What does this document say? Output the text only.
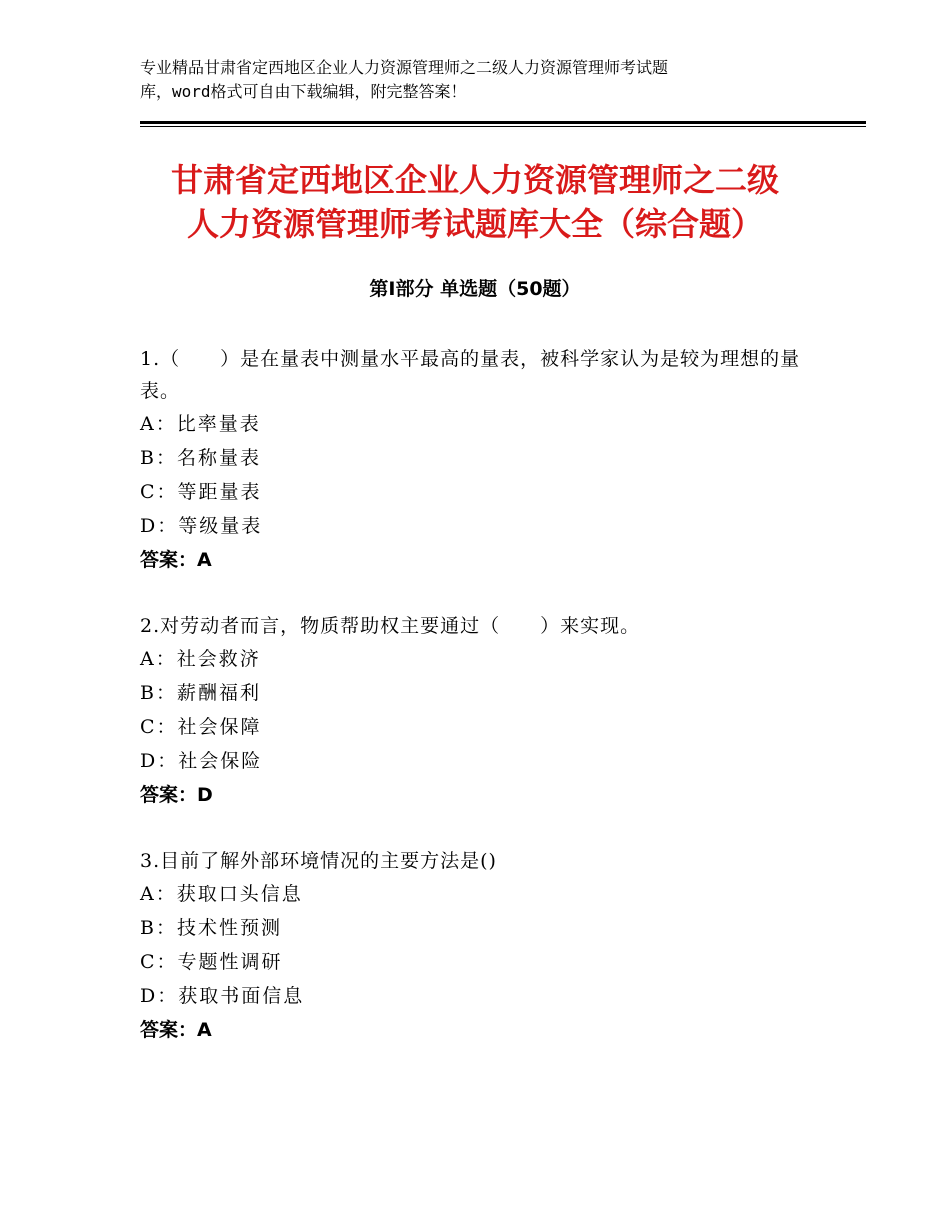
专业精品甘肃省定西地区企业人力资源管理师之二级人力资源管理师考试题
库，word格式可自由下载编辑，附完整答案！
甘肃省定西地区企业人力资源管理师之二级
人力资源管理师考试题库大全（综合题）
第Ⅰ部分 单选题（50题）

1.（　　）是在量表中测量水平最高的量表，被科学家认为是较为理想的量表。

A：比率量表

B：名称量表

C：等距量表

D：等级量表

答案：A

2.对劳动者而言，物质帮助权主要通过（　　）来实现。

A：社会救济

B：薪酬福利

C：社会保障

D：社会保险

答案：D

3.目前了解外部环境情况的主要方法是()

A：获取口头信息

B：技术性预测

C：专题性调研

D：获取书面信息

答案：A
